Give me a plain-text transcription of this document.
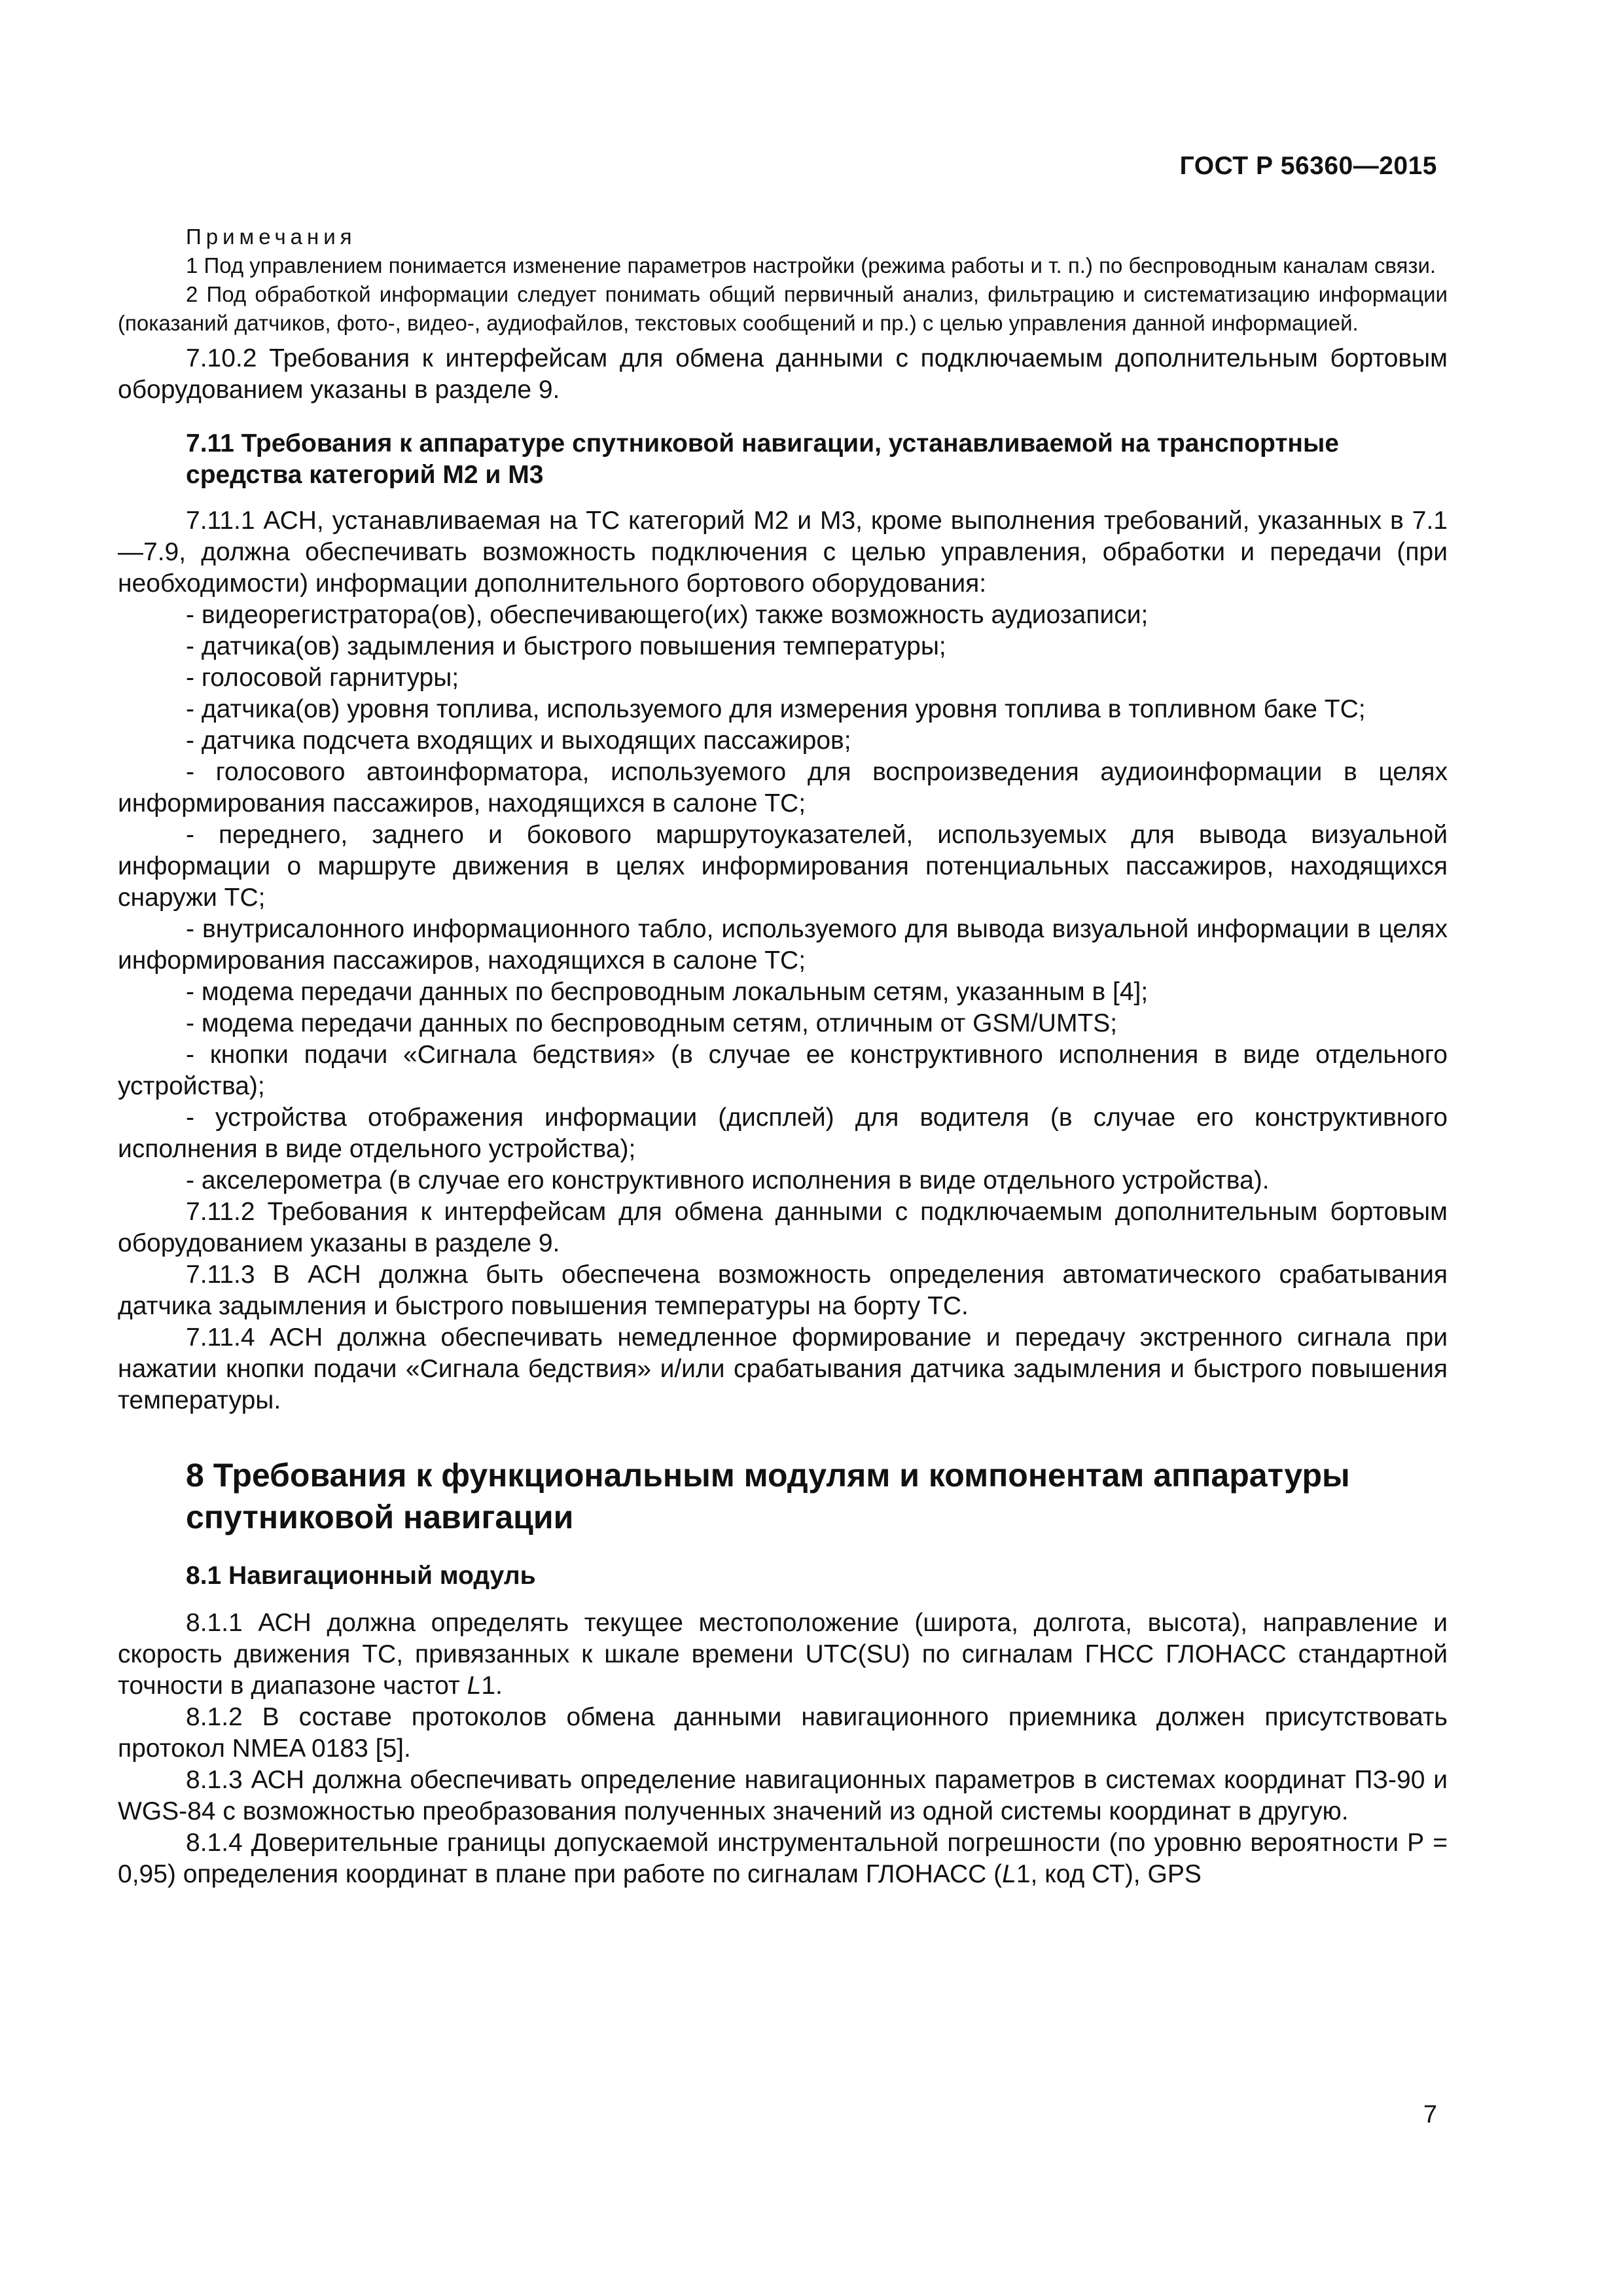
ГОСТ Р 56360—2015
Примечания

1 Под управлением понимается изменение параметров настройки (режима работы и т. п.) по беспроводным каналам связи.

2 Под обработкой информации следует понимать общий первичный анализ, фильтрацию и систематизацию информации (показаний датчиков, фото-, видео-, аудиофайлов, текстовых сообщений и пр.) с целью управления данной информацией.

7.10.2 Требования к интерфейсам для обмена данными с подключаемым дополнительным бортовым оборудованием указаны в разделе 9.

7.11 Требования к аппаратуре спутниковой навигации, устанавливаемой на транспортные средства категорий М2 и М3

7.11.1 АСН, устанавливаемая на ТС категорий М2 и М3, кроме выполнения требований, указанных в 7.1—7.9, должна обеспечивать возможность подключения с целью управления, обработки и передачи (при необходимости) информации дополнительного бортового оборудования:

- видеорегистратора(ов), обеспечивающего(их) также возможность аудиозаписи;

- датчика(ов) задымления и быстрого повышения температуры;

- голосовой гарнитуры;

- датчика(ов) уровня топлива, используемого для измерения уровня топлива в топливном баке ТС;

- датчика подсчета входящих и выходящих пассажиров;

- голосового автоинформатора, используемого для воспроизведения аудиоинформации в целях информирования пассажиров, находящихся в салоне ТС;

- переднего, заднего и бокового маршрутоуказателей, используемых для вывода визуальной информации о маршруте движения в целях информирования потенциальных пассажиров, находящихся снаружи ТС;

- внутрисалонного информационного табло, используемого для вывода визуальной информации в целях информирования пассажиров, находящихся в салоне ТС;

- модема передачи данных по беспроводным локальным сетям, указанным в [4];

- модема передачи данных по беспроводным сетям, отличным от GSM/UMTS;

- кнопки подачи «Сигнала бедствия» (в случае ее конструктивного исполнения в виде отдельного устройства);

- устройства отображения информации (дисплей) для водителя (в случае его конструктивного исполнения в виде отдельного устройства);

- акселерометра (в случае его конструктивного исполнения в виде отдельного устройства).

7.11.2 Требования к интерфейсам для обмена данными с подключаемым дополнительным бортовым оборудованием указаны в разделе 9.

7.11.3 В АСН должна быть обеспечена возможность определения автоматического срабатывания датчика задымления и быстрого повышения температуры на борту ТС.

7.11.4 АСН должна обеспечивать немедленное формирование и передачу экстренного сигнала при нажатии кнопки подачи «Сигнала бедствия» и/или срабатывания датчика задымления и быстрого повышения температуры.

8 Требования к функциональным модулям и компонентам аппаратуры спутниковой навигации
8.1 Навигационный модуль

8.1.1 АСН должна определять текущее местоположение (широта, долгота, высота), направление и скорость движения ТС, привязанных к шкале времени UTC(SU) по сигналам ГНСС ГЛОНАСС стандартной точности в диапазоне частот L1.

8.1.2 В составе протоколов обмена данными навигационного приемника должен присутствовать протокол NMEA 0183 [5].

8.1.3 АСН должна обеспечивать определение навигационных параметров в системах координат ПЗ-90 и WGS-84 с возможностью преобразования полученных значений из одной системы координат в другую.

8.1.4 Доверительные границы допускаемой инструментальной погрешности (по уровню вероятности Р = 0,95) определения координат в плане при работе по сигналам ГЛОНАСС (L1, код СТ), GPS

7
